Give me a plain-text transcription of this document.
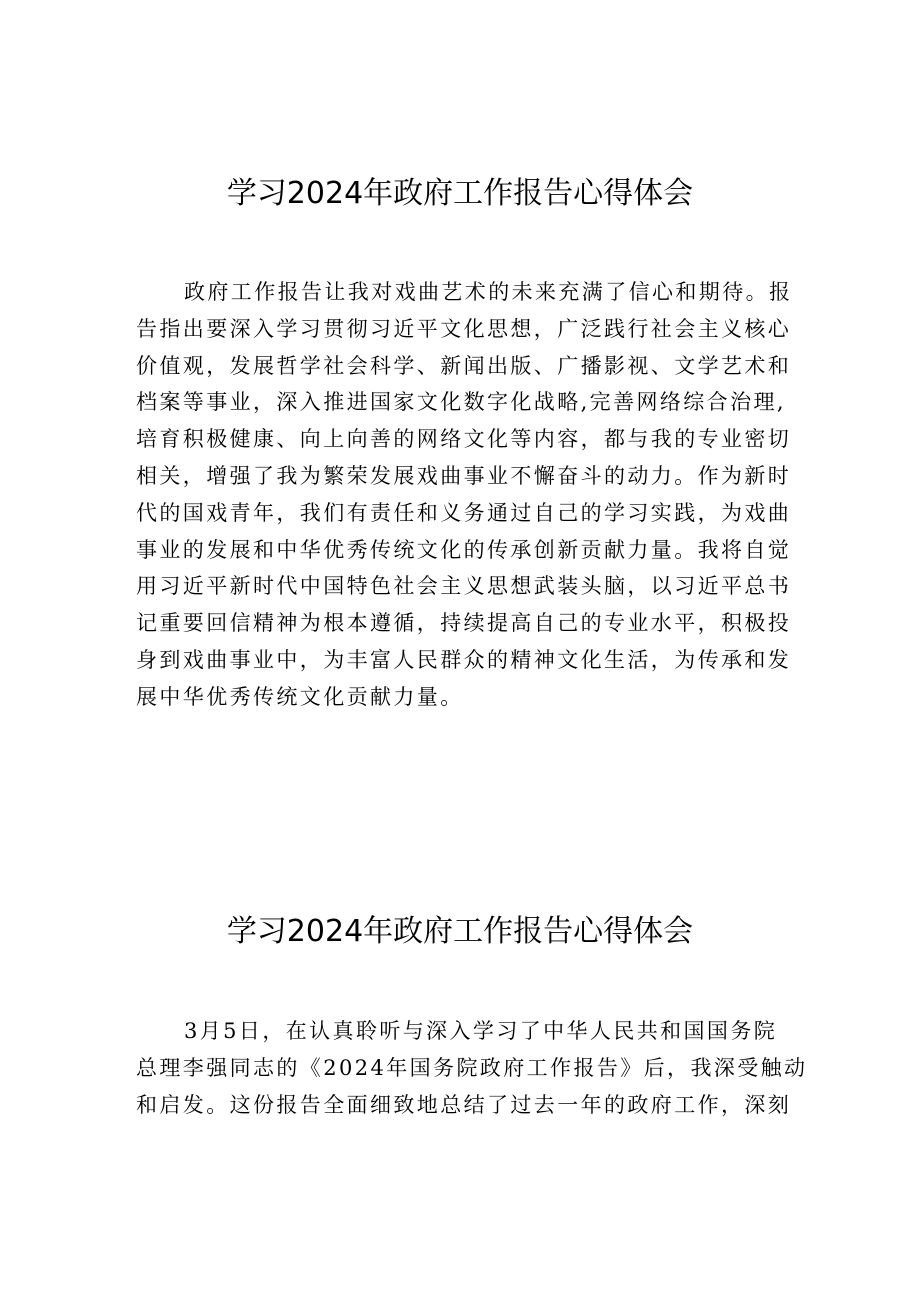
学习2024年政府工作报告心得体会
政府工作报告让我对戏曲艺术的未来充满了信心和期待。报
告指出要深入学习贯彻习近平文化思想，广泛践行社会主义核心
价值观，发展哲学社会科学、新闻出版、广播影视、文学艺术和
档案等事业，深入推进国家文化数字化战略,完善网络综合治理,
培育积极健康、向上向善的网络文化等内容，都与我的专业密切
相关，增强了我为繁荣发展戏曲事业不懈奋斗的动力。作为新时
代的国戏青年，我们有责任和义务通过自己的学习实践，为戏曲
事业的发展和中华优秀传统文化的传承创新贡献力量。我将自觉
用习近平新时代中国特色社会主义思想武装头脑，以习近平总书
记重要回信精神为根本遵循，持续提高自己的专业水平，积极投
身到戏曲事业中，为丰富人民群众的精神文化生活，为传承和发
展中华优秀传统文化贡献力量。
学习2024年政府工作报告心得体会
3月5日，在认真聆听与深入学习了中华人民共和国国务院
总理李强同志的《2024年国务院政府工作报告》后，我深受触动
和启发。这份报告全面细致地总结了过去一年的政府工作，深刻
